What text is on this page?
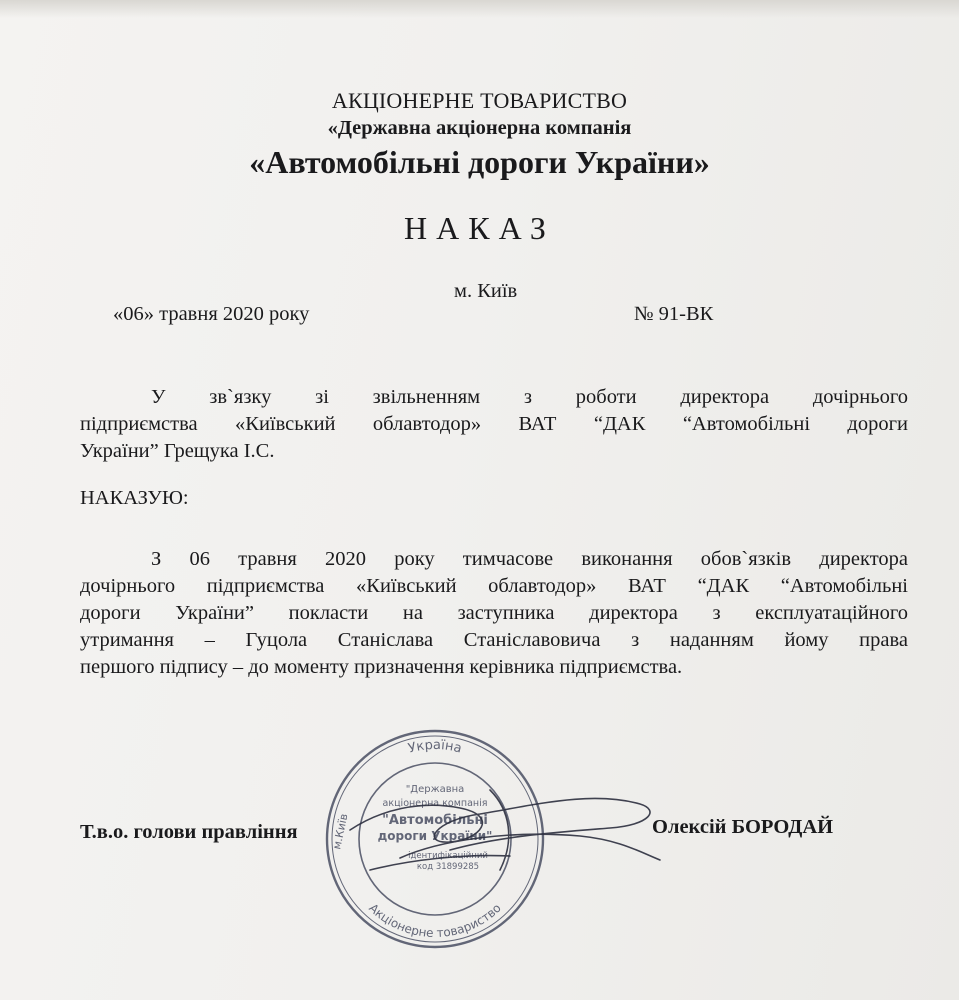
АКЦІОНЕРНЕ ТОВАРИСТВО
«Державна акціонерна компанія
«Автомобільні дороги України»
НАКАЗ
м. Київ
«06» травня 2020 року	№ 91-ВК
У зв`язку зі звільненням з роботи директора дочірнього
підприємства «Київський облавтодор» ВАТ “ДАК “Автомобільні дороги
України” Грещука І.С.
НАКАЗУЮ:
З 06 травня 2020 року тимчасове виконання обов`язків директора
дочірнього підприємства «Київський облавтодор» ВАТ “ДАК “Автомобільні
дороги України” покласти на заступника директора з експлуатаційного
утримання – Гуцола Станіслава Станіславовича з наданням йому права
першого підпису – до моменту призначення керівника підприємства.
Т.в.о. голови правління	Олексій БОРОДАЙ
Україна
Акціонерне товариство
м.Київ
"Державна
акціонерна компанія
"Автомобільні
дороги України"
ідентифікаційний
код 31899285
